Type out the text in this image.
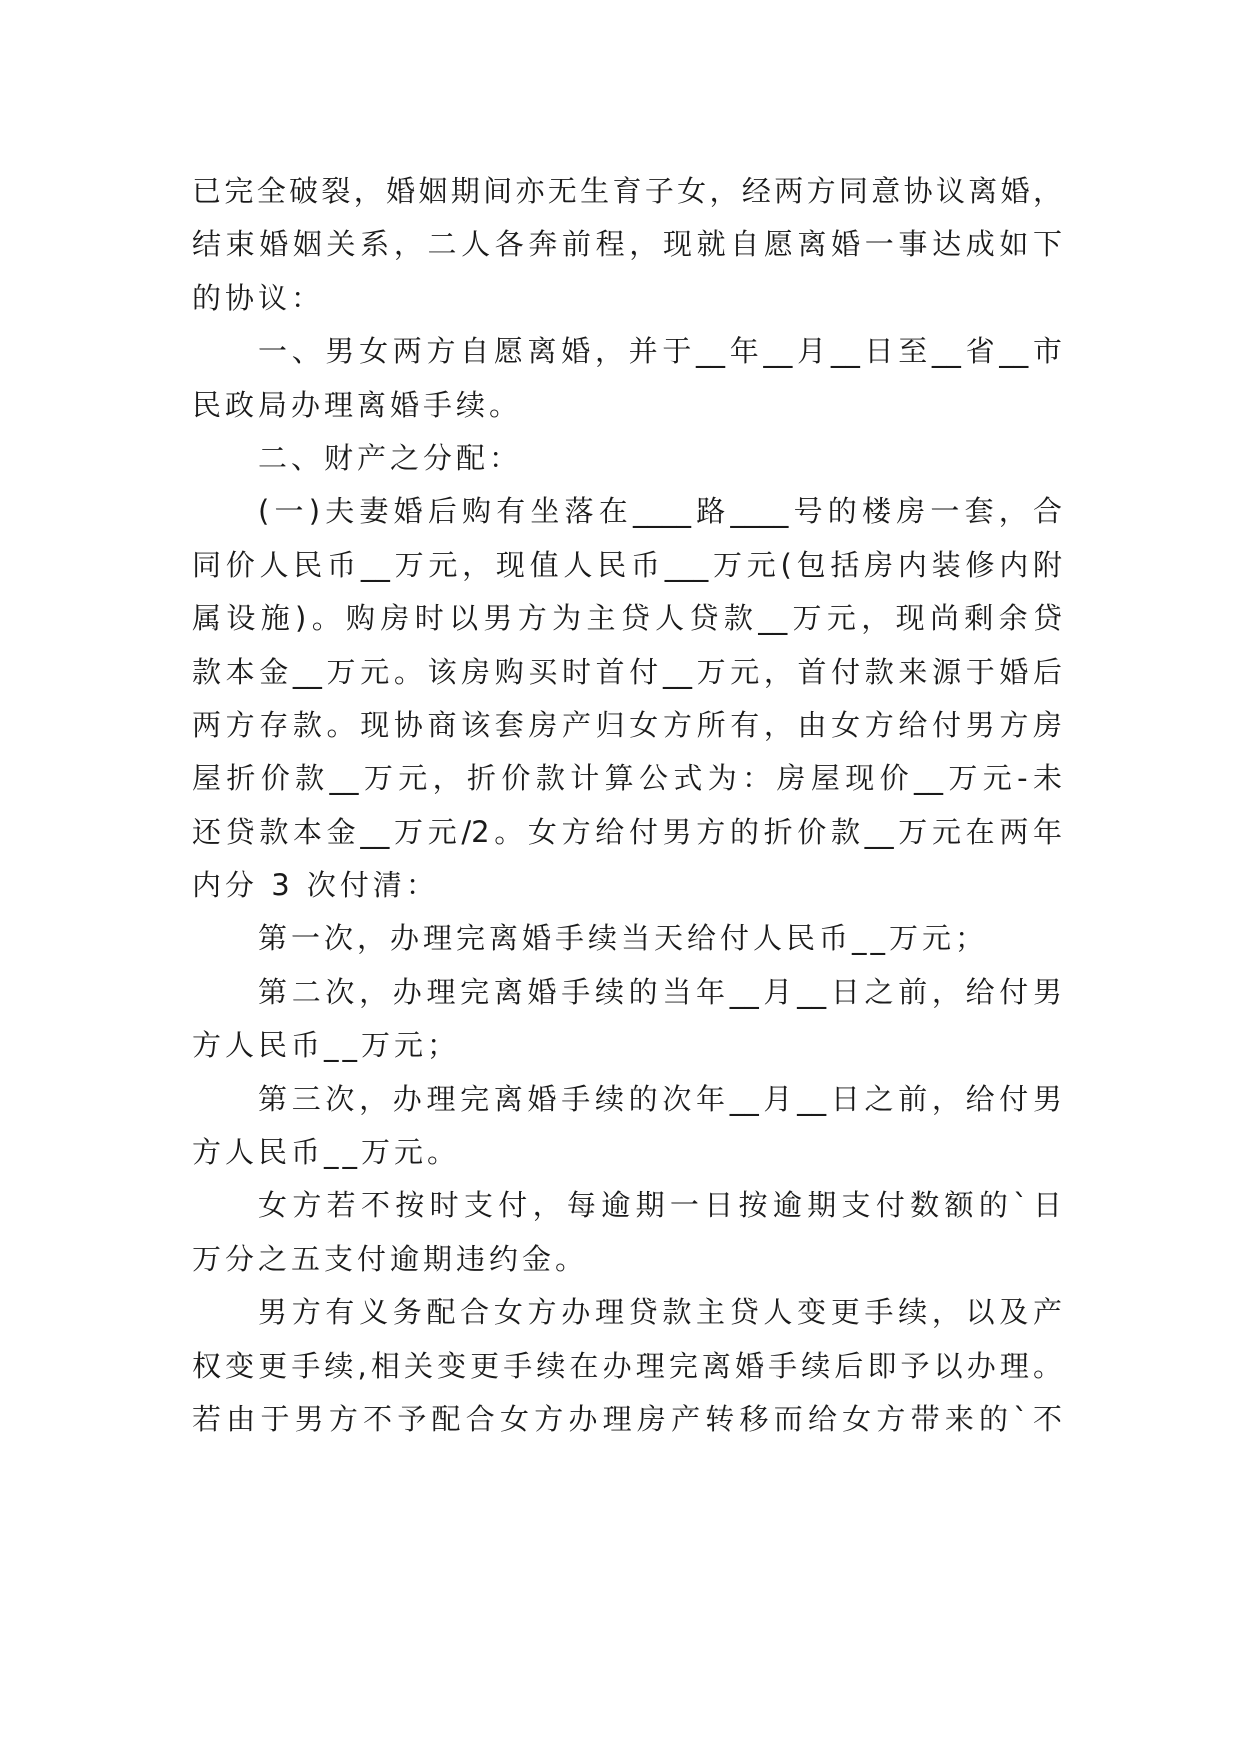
已完全破裂，婚姻期间亦无生育子女，经两方同意协议离婚，
结束婚姻关系，二人各奔前程，现就自愿离婚一事达成如下
的协议：
一、男女两方自愿离婚，并于__年__月__日至__省__市
民政局办理离婚手续。
二、财产之分配：
(一)夫妻婚后购有坐落在____路____号的楼房一套，合
同价人民币__万元，现值人民币___万元(包括房内装修内附
属设施)。购房时以男方为主贷人贷款__万元，现尚剩余贷
款本金__万元。该房购买时首付__万元，首付款来源于婚后
两方存款。现协商该套房产归女方所有，由女方给付男方房
屋折价款__万元，折价款计算公式为：房屋现价__万元-未
还贷款本金__万元/2。女方给付男方的折价款__万元在两年
内分 3 次付清：
第一次，办理完离婚手续当天给付人民币__万元；
第二次，办理完离婚手续的当年__月__日之前，给付男
方人民币__万元；
第三次，办理完离婚手续的次年__月__日之前，给付男
方人民币__万元。
女方若不按时支付，每逾期一日按逾期支付数额的`日
万分之五支付逾期违约金。
男方有义务配合女方办理贷款主贷人变更手续，以及产
权变更手续,相关变更手续在办理完离婚手续后即予以办理。
若由于男方不予配合女方办理房产转移而给女方带来的`不
